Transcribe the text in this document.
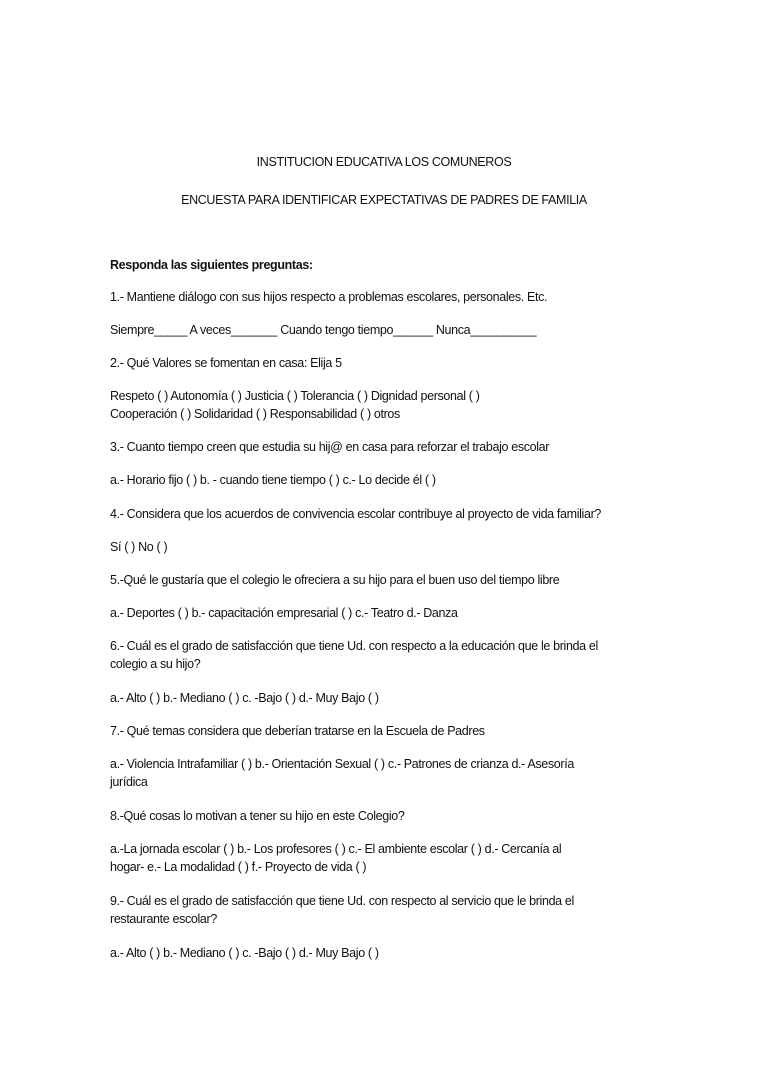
INSTITUCION EDUCATIVA LOS COMUNEROS
ENCUESTA PARA IDENTIFICAR EXPECTATIVAS DE PADRES DE FAMILIA
Responda las siguientes preguntas:
1.- Mantiene diálogo con sus hijos respecto a problemas escolares, personales. Etc.
Siempre_____ A veces_______ Cuando tengo tiempo______ Nunca__________
2.- Qué Valores se fomentan en casa: Elija 5
Respeto ( ) Autonomía ( ) Justicia ( ) Tolerancia ( ) Dignidad personal ( )
Cooperación ( ) Solidaridad ( ) Responsabilidad ( ) otros
3.- Cuanto tiempo creen que estudia su hij@ en casa para reforzar el trabajo escolar
a.- Horario fijo ( ) b. - cuando tiene tiempo ( ) c.- Lo decide él ( )
4.- Considera que los acuerdos de convivencia escolar contribuye al proyecto de vida familiar?
Sí ( ) No ( )
5.-Qué le gustaría que el colegio le ofreciera a su hijo para el buen uso del tiempo libre
a.- Deportes ( ) b.- capacitación empresarial ( ) c.- Teatro d.- Danza
6.- Cuál es el grado de satisfacción que tiene Ud. con respecto a la educación que le brinda el
colegio a su hijo?
a.- Alto ( ) b.- Mediano ( ) c. -Bajo ( ) d.- Muy Bajo ( )
7.- Qué temas considera que deberían tratarse en la Escuela de Padres
a.- Violencia Intrafamiliar ( ) b.- Orientación Sexual ( ) c.- Patrones de crianza d.- Asesoría
jurídica
8.-Qué cosas lo motivan a tener su hijo en este Colegio?
a.-La jornada escolar ( ) b.- Los profesores ( ) c.- El ambiente escolar ( ) d.- Cercanía al
hogar- e.- La modalidad ( ) f.- Proyecto de vida ( )
9.- Cuál es el grado de satisfacción que tiene Ud. con respecto al servicio que le brinda el
restaurante escolar?
a.- Alto ( ) b.- Mediano ( ) c. -Bajo ( ) d.- Muy Bajo ( )
